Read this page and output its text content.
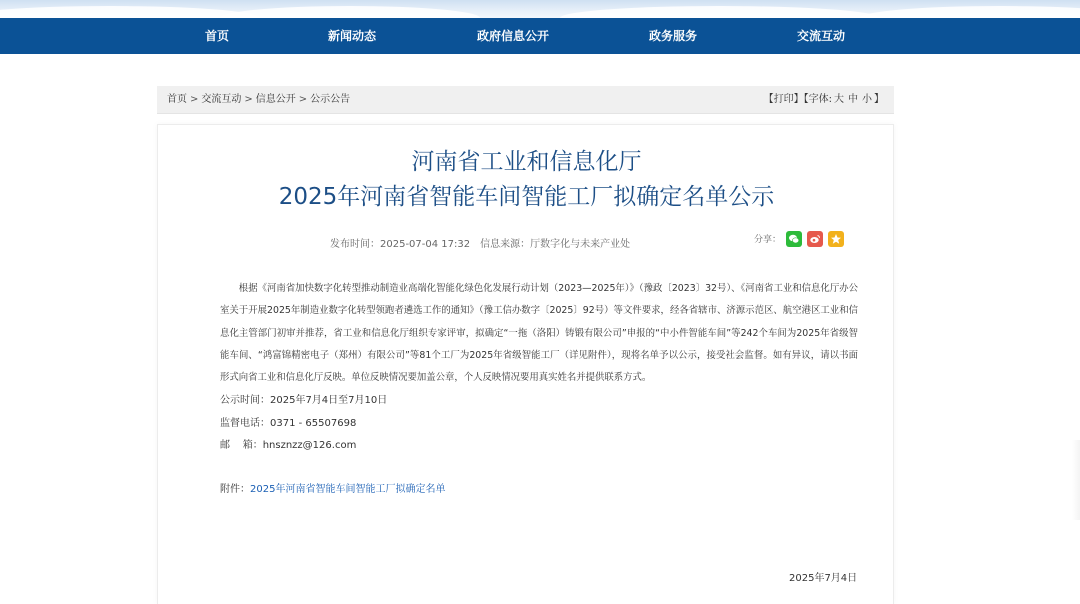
首页	新闻动态	政府信息公开	政务服务	交流互动
首页 > 交流互动 > 信息公开 > 公示公告	【打印】【字体: 大 中 小 】
河南省工业和信息化厅
2025年河南省智能车间智能工厂拟确定名单公示
发布时间：2025-07-04 17:32 信息来源：厅数字化与未来产业处	分享：
根据《河南省加快数字化转型推动制造业高端化智能化绿色化发展行动计划（2023—2025年）》（豫政〔2023〕32号）、《河南省工业和信息化厅办公室关于开展2025年制造业数字化转型领跑者遴选工作的通知》（豫工信办数字〔2025〕92号）等文件要求，经各省辖市、济源示范区、航空港区工业和信息化主管部门初审并推荐，省工业和信息化厅组织专家评审，拟确定“一拖（洛阳）铸锻有限公司”申报的“中小件智能车间”等242个车间为2025年省级智能车间、“鸿富锦精密电子（郑州）有限公司”等81个工厂为2025年省级智能工厂（详见附件），现将名单予以公示，接受社会监督。如有异议，请以书面形式向省工业和信息化厅反映。单位反映情况要加盖公章，个人反映情况要用真实姓名并提供联系方式。
公示时间：2025年7月4日至7月10日
监督电话：0371 - 65507698
邮    箱：hnsznzz@126.com
附件：2025年河南省智能车间智能工厂拟确定名单
2025年7月4日
